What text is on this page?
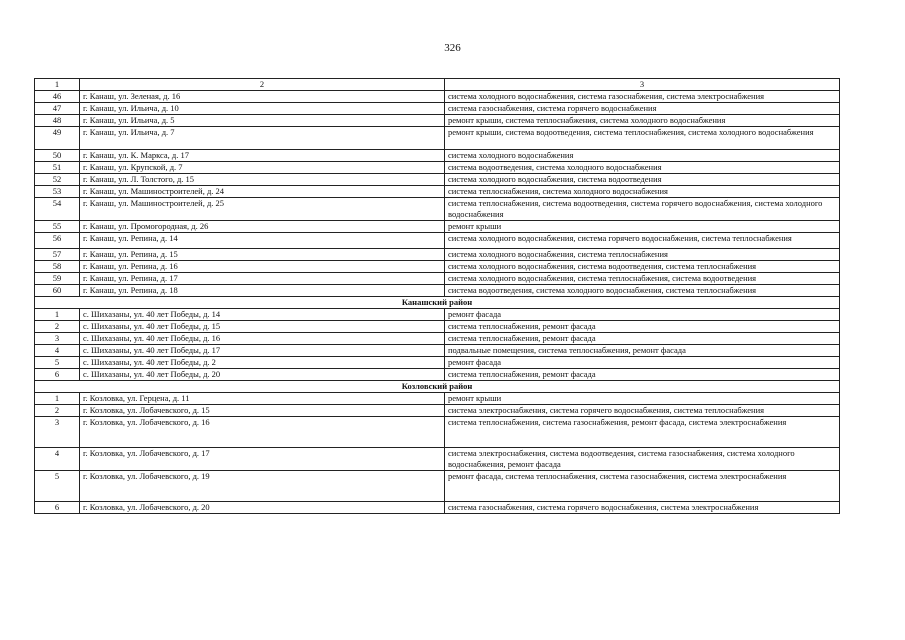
326
1	2	3
46	г. Канаш, ул. Зеленая, д. 16	система холодного водоснабжения, система газоснабжения, система электроснабжения
47	г. Канаш, ул. Ильича, д. 10	система газоснабжения, система горячего водоснабжения
48	г. Канаш, ул. Ильича, д. 5	ремонт крыши, система теплоснабжения, система холодного водоснабжения
49	г. Канаш, ул. Ильича, д. 7	ремонт крыши, система водоотведения, система теплоснабжения, система холодного водоснабжения
50	г. Канаш, ул. К. Маркса, д. 17	система холодного водоснабжения
51	г. Канаш, ул. Крупской, д. 7	система водоотведения, система холодного водоснабжения
52	г. Канаш, ул. Л. Толстого, д. 15	система холодного водоснабжения, система водоотведения
53	г. Канаш, ул. Машиностроителей, д. 24	система теплоснабжения, система холодного водоснабжения
54	г. Канаш, ул. Машиностроителей, д. 25	система теплоснабжения, система водоотведения, система горячего водоснабжения, система холодного водоснабжения
55	г. Канаш, ул. Промогородная, д. 26	ремонт крыши
56	г. Канаш, ул. Репина, д. 14	система холодного водоснабжения, система горячего водоснабжения, система теплоснабжения
57	г. Канаш, ул. Репина, д. 15	система холодного водоснабжения, система теплоснабжения
58	г. Канаш, ул. Репина, д. 16	система холодного водоснабжения, система водоотведения, система теплоснабжения
59	г. Канаш, ул. Репина, д. 17	система холодного водоснабжения, система теплоснабжения, система водоотведения
60	г. Канаш, ул. Репина, д. 18	система водоотведения, система холодного водоснабжения, система теплоснабжения
Канашский район		
1	с. Шихазаны, ул. 40 лет Победы, д. 14	ремонт фасада
2	с. Шихазаны, ул. 40 лет Победы, д. 15	система теплоснабжения, ремонт фасада
3	с. Шихазаны, ул. 40 лет Победы, д. 16	система теплоснабжения, ремонт фасада
4	с. Шихазаны, ул. 40 лет Победы, д. 17	подвальные помещения, система теплоснабжения, ремонт фасада
5	с. Шихазаны, ул. 40 лет Победы, д. 2	ремонт фасада
6	с. Шихазаны, ул. 40 лет Победы, д. 20	система теплоснабжения, ремонт фасада
Козловский район		
1	г. Козловка, ул. Герцена, д. 11	ремонт крыши
2	г. Козловка, ул. Лобачевского, д. 15	система электроснабжения, система горячего водоснабжения, система теплоснабжения
3	г. Козловка, ул. Лобачевского, д. 16	система теплоснабжения, система газоснабжения, ремонт фасада, система электроснабжения
4	г. Козловка, ул. Лобачевского, д. 17	система электроснабжения, система водоотведения, система газоснабжения, система холодного водоснабжения, ремонт фасада
5	г. Козловка, ул. Лобачевского, д. 19	ремонт фасада, система теплоснабжения, система газоснабжения, система электроснабжения
6	г. Козловка, ул. Лобачевского, д. 20	система газоснабжения, система горячего водоснабжения, система электроснабжения
